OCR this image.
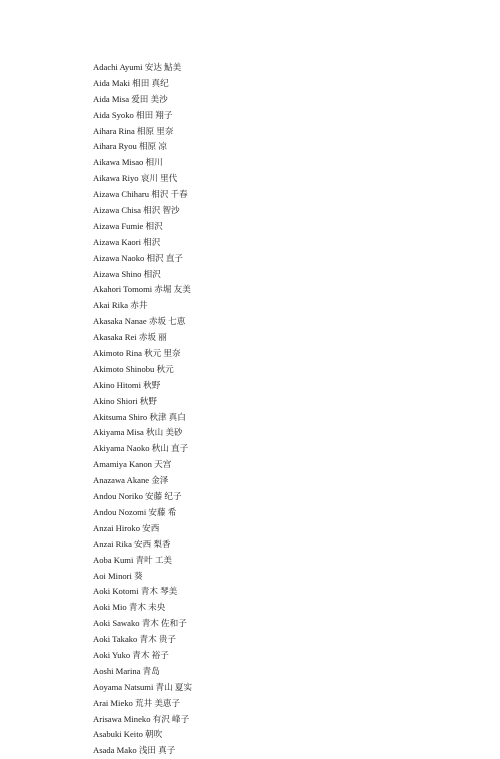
Adachi Ayumi 安达 鮎美
Aida Maki 相田 真纪
Aida Misa 爱田 美沙
Aida Syoko 相田 翔子
Aihara Rina 相原 里奈
Aihara Ryou 相原 凉
Aikawa Misao 相川
Aikawa Riyo 哀川 里代
Aizawa Chiharu 相沢 千春
Aizawa Chisa 相沢 智沙
Aizawa Fumie 相沢
Aizawa Kaori 相沢
Aizawa Naoko 相沢 直子
Aizawa Shino 相沢
Akahori Tomomi 赤堀 友美
Akai Rika 赤井
Akasaka Nanae 赤坂 七恵
Akasaka Rei 赤坂 丽
Akimoto Rina 秋元 里奈
Akimoto Shinobu 秋元
Akino Hitomi 秋野
Akino Shiori 秋野
Akitsuma Shiro 秋津 真白
Akiyama Misa 秋山 美砂
Akiyama Naoko 秋山 直子
Amamiya Kanon 天宫
Anazawa Akane 金泽
Andou Noriko 安藤 纪子
Andou Nozomi 安藤 希
Anzai Hiroko 安西
Anzai Rika 安西 梨香
Aoba Kumi 青叶 工美
Aoi Minori 葵
Aoki Kotomi 青木 琴美
Aoki Mio 青木 未央
Aoki Sawako 青木 佐和子
Aoki Takako 青木 贵子
Aoki Yuko 青木 裕子
Aoshi Marina 青岛
Aoyama Natsumi 青山 夏实
Arai Mieko 荒井 美恵子
Arisawa Mineko 有沢 峰子
Asabuki Keito 朝吹
Asada Mako 浅田 真子
